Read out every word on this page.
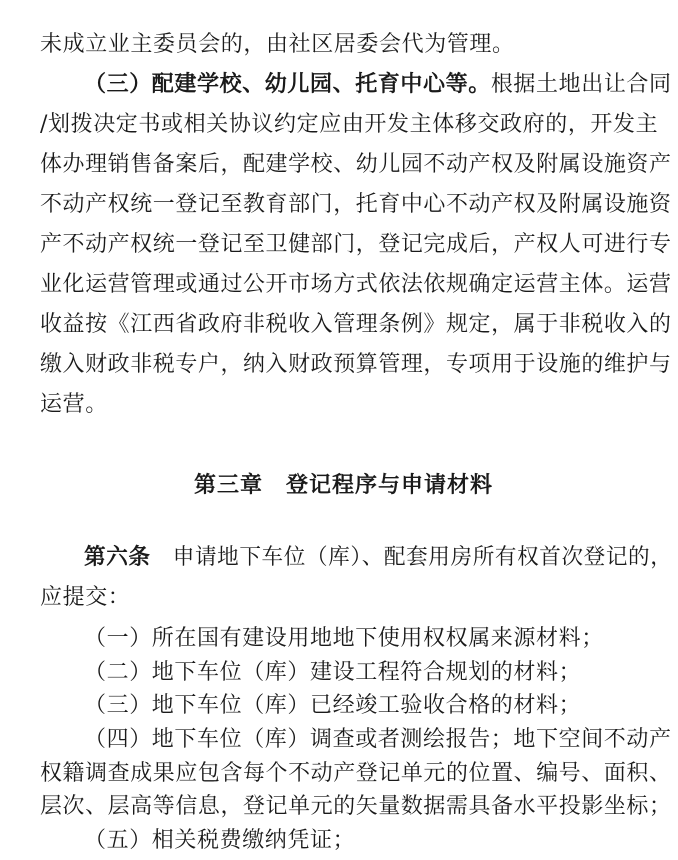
未成立业主委员会的，由社区居委会代为管理。
（三）配建学校、幼儿园、托育中心等。根据土地出让合同
/划拨决定书或相关协议约定应由开发主体移交政府的，开发主
体办理销售备案后，配建学校、幼儿园不动产权及附属设施资产
不动产权统一登记至教育部门，托育中心不动产权及附属设施资
产不动产权统一登记至卫健部门，登记完成后，产权人可进行专
业化运营管理或通过公开市场方式依法依规确定运营主体。运营
收益按《江西省政府非税收入管理条例》规定，属于非税收入的
缴入财政非税专户，纳入财政预算管理，专项用于设施的维护与
运营。
第三章　登记程序与申请材料
第六条　申请地下车位（库）、配套用房所有权首次登记的，
应提交：
（一）所在国有建设用地地下使用权权属来源材料；
（二）地下车位（库）建设工程符合规划的材料；
（三）地下车位（库）已经竣工验收合格的材料；
（四）地下车位（库）调查或者测绘报告；地下空间不动产
权籍调查成果应包含每个不动产登记单元的位置、编号、面积、
层次、层高等信息，登记单元的矢量数据需具备水平投影坐标；
（五）相关税费缴纳凭证；
